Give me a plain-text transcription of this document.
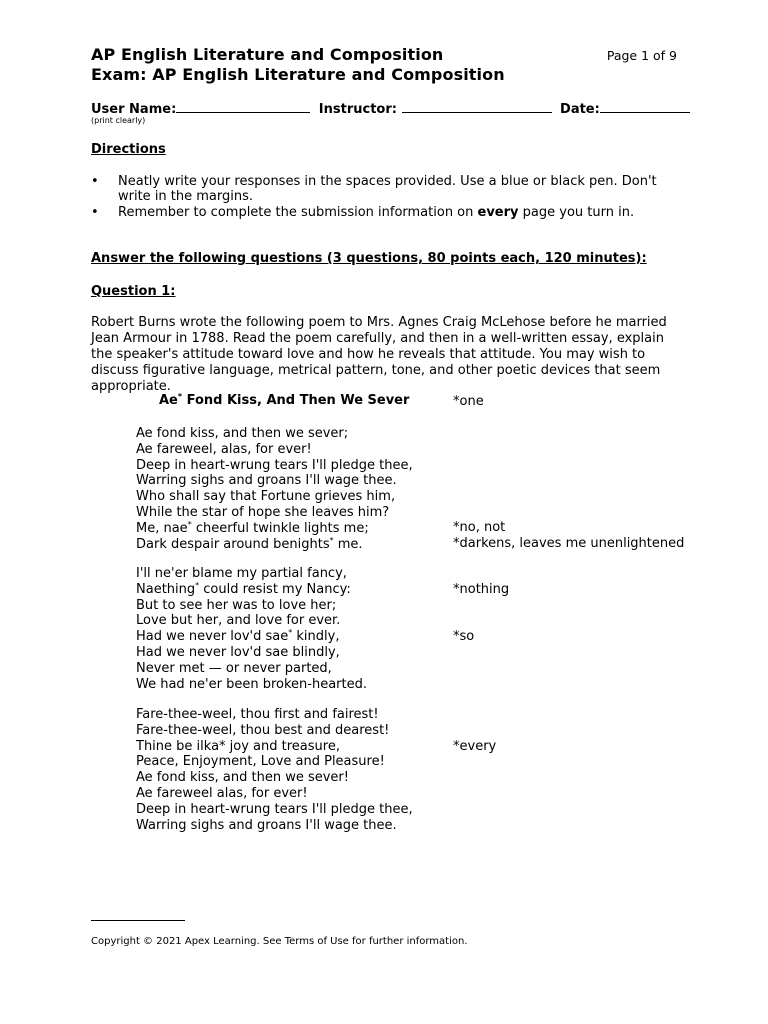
AP English Literature and Composition
Exam: AP English Literature and Composition
Page 1 of 9
User Name:	Instructor:	Date:
(print clearly)
Directions
• Neatly write your responses in the spaces provided. Use a blue or black pen. Don't write in the margins.
• Remember to complete the submission information on every page you turn in.
Answer the following questions (3 questions, 80 points each, 120 minutes):
Question 1:
Robert Burns wrote the following poem to Mrs. Agnes Craig McLehose before he married Jean Armour in 1788. Read the poem carefully, and then in a well-written essay, explain the speaker's attitude toward love and how he reveals that attitude. You may wish to discuss figurative language, metrical pattern, tone, and other poetic devices that seem appropriate.
Ae* Fond Kiss, And Then We Sever	*one
Ae fond kiss, and then we sever;
Ae fareweel, alas, for ever!
Deep in heart-wrung tears I'll pledge thee,
Warring sighs and groans I'll wage thee.
Who shall say that Fortune grieves him,
While the star of hope she leaves him?
Me, nae* cheerful twinkle lights me;
Dark despair around benights* me.
*no, not
*darkens, leaves me unenlightened
I'll ne'er blame my partial fancy,
Naething* could resist my Nancy:
But to see her was to love her;
Love but her, and love for ever.
Had we never lov'd sae* kindly,
Had we never lov'd sae blindly,
Never met — or never parted,
We had ne'er been broken-hearted.
*nothing
*so
Fare-thee-weel, thou first and fairest!
Fare-thee-weel, thou best and dearest!
Thine be ilka* joy and treasure,
Peace, Enjoyment, Love and Pleasure!
Ae fond kiss, and then we sever!
Ae fareweel alas, for ever!
Deep in heart-wrung tears I'll pledge thee,
Warring sighs and groans I'll wage thee.
*every
Copyright © 2021 Apex Learning. See Terms of Use for further information.
